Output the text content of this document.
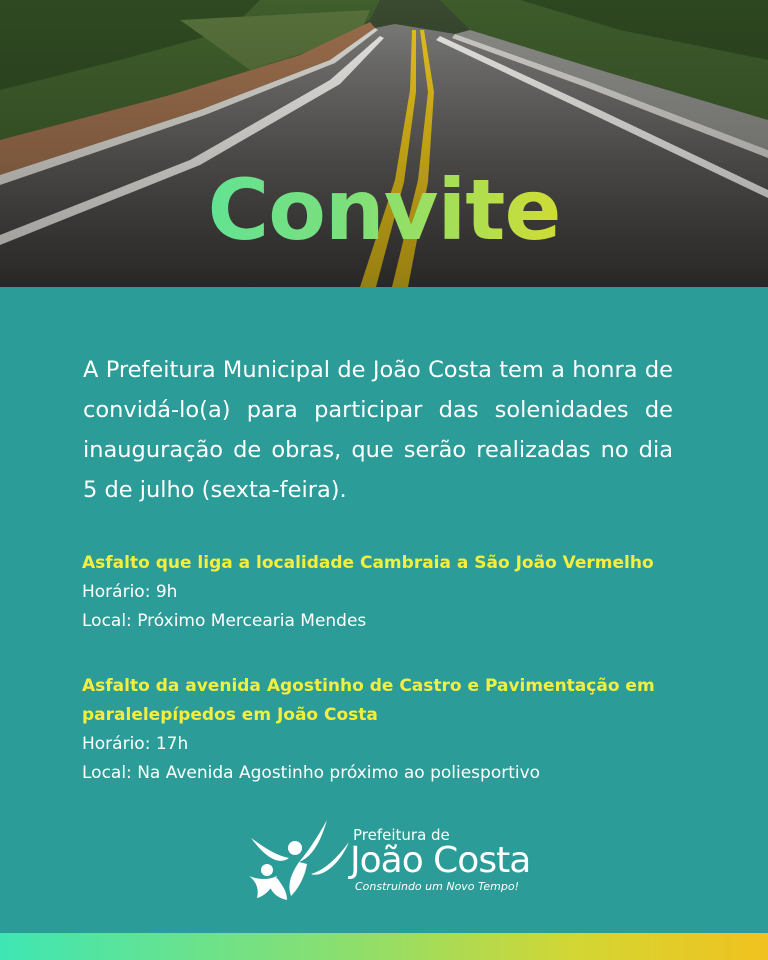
Convite
A Prefeitura Municipal de João Costa tem a honra de convidá-lo(a) para participar das solenidades de inauguração de obras, que serão realizadas no dia 5 de julho (sexta-feira).
Asfalto que liga a localidade Cambraia a São João Vermelho
Horário: 9h
Local: Próximo Mercearia Mendes
Asfalto da avenida Agostinho de Castro e Pavimentação em paralelepípedos em João Costa
Horário: 17h
Local: Na Avenida Agostinho próximo ao poliesportivo
Prefeitura de
João Costa
Construindo um Novo Tempo!
